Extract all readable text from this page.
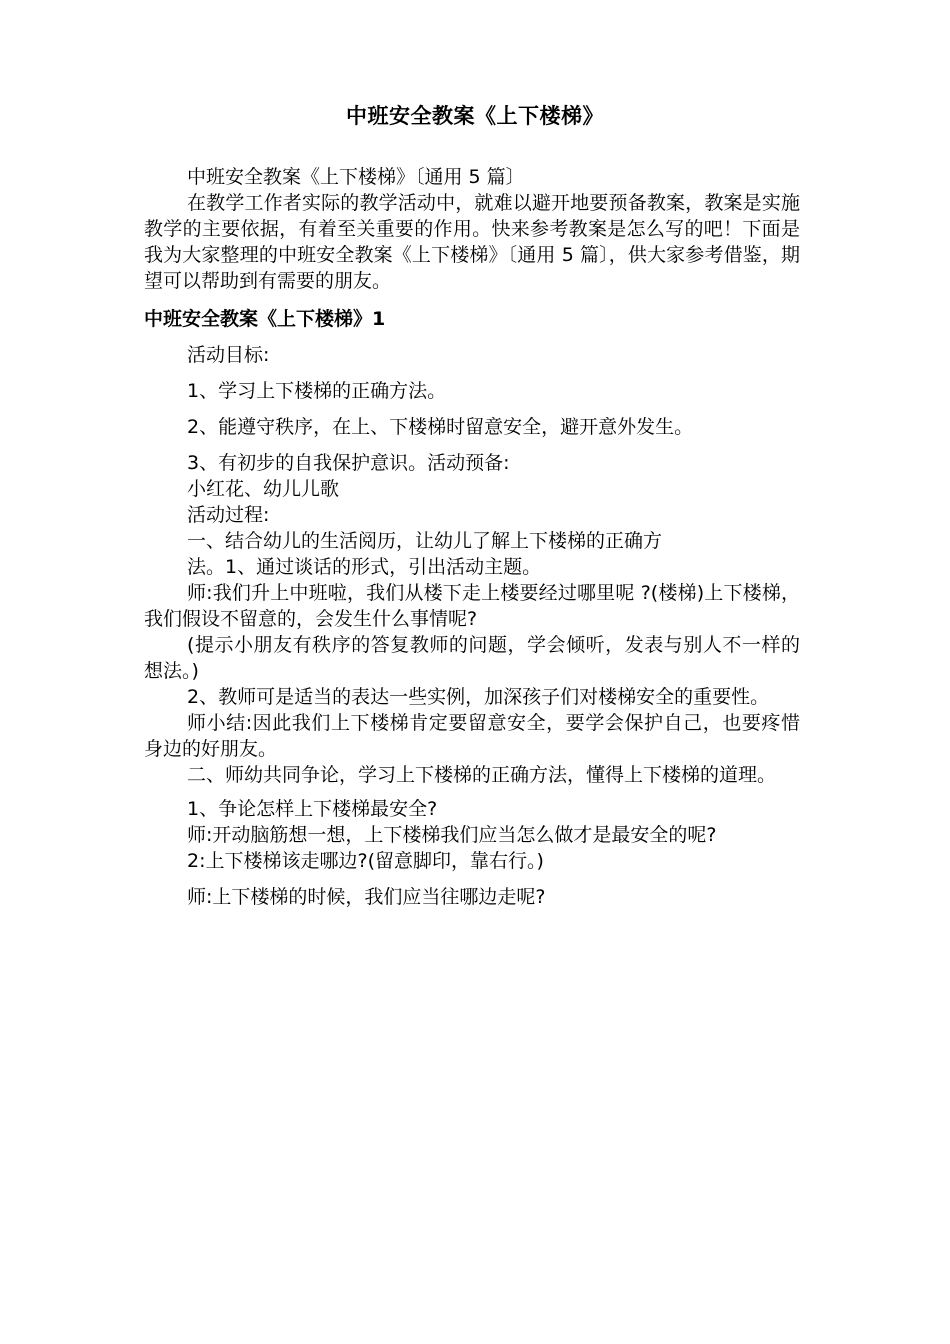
中班安全教案《上下楼梯》

中班安全教案《上下楼梯》〔通用 5 篇〕

在教学工作者实际的教学活动中，就难以避开地要预备教案，教案是实施教学的主要依据，有着至关重要的作用。快来参考教案是怎么写的吧！下面是我为大家整理的中班安全教案《上下楼梯》〔通用 5 篇〕，供大家参考借鉴，期望可以帮助到有需要的朋友。

中班安全教案《上下楼梯》1

活动目标:

1、学习上下楼梯的正确方法。

2、能遵守秩序，在上、下楼梯时留意安全，避开意外发生。

3、有初步的自我保护意识。活动预备:

小红花、幼儿儿歌

活动过程:

一、结合幼儿的生活阅历，让幼儿了解上下楼梯的正确方

法。1、通过谈话的形式，引出活动主题。

师:我们升上中班啦，我们从楼下走上楼要经过哪里呢 ?(楼梯)上下楼梯，我们假设不留意的，会发生什么事情呢?

(提示小朋友有秩序的答复教师的问题，学会倾听，发表与别人不一样的想法。)

2、教师可是适当的表达一些实例，加深孩子们对楼梯安全的重要性。

师小结:因此我们上下楼梯肯定要留意安全，要学会保护自己，也要疼惜身边的好朋友。

二、师幼共同争论，学习上下楼梯的正确方法，懂得上下楼梯的道理。

1、争论怎样上下楼梯最安全?

师:开动脑筋想一想，上下楼梯我们应当怎么做才是最安全的呢?

2:上下楼梯该走哪边?(留意脚印，靠右行。)

师:上下楼梯的时候，我们应当往哪边走呢?
